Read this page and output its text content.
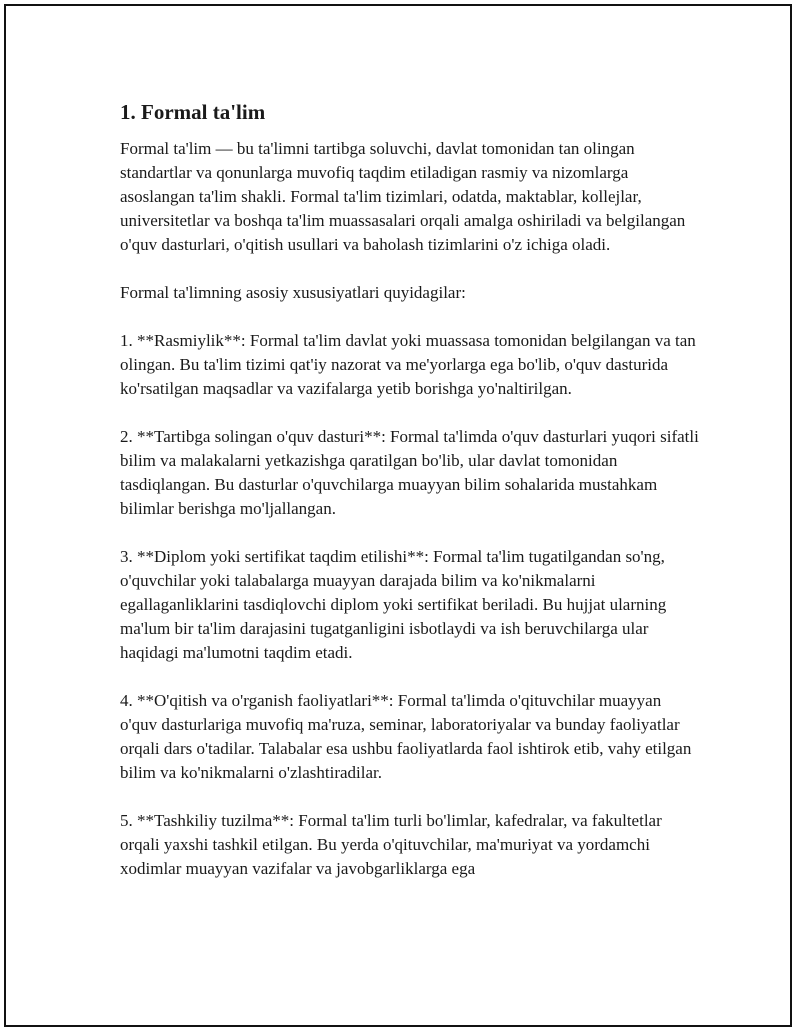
1. Formal ta'lim

Formal ta'lim — bu ta'limni tartibga soluvchi, davlat tomonidan tan olingan standartlar va qonunlarga muvofiq taqdim etiladigan rasmiy va nizomlarga asoslangan ta'lim shakli. Formal ta'lim tizimlari, odatda, maktablar, kollejlar, universitetlar va boshqa ta'lim muassasalari orqali amalga oshiriladi va belgilangan o'quv dasturlari, o'qitish usullari va baholash tizimlarini o'z ichiga oladi.

Formal ta'limning asosiy xususiyatlari quyidagilar:

1. **Rasmiylik**: Formal ta'lim davlat yoki muassasa tomonidan belgilangan va tan olingan. Bu ta'lim tizimi qat'iy nazorat va me'yorlarga ega bo'lib, o'quv dasturida ko'rsatilgan maqsadlar va vazifalarga yetib borishga yo'naltirilgan.

2. **Tartibga solingan o'quv dasturi**: Formal ta'limda o'quv dasturlari yuqori sifatli bilim va malakalarni yetkazishga qaratilgan bo'lib, ular davlat tomonidan tasdiqlangan. Bu dasturlar o'quvchilarga muayyan bilim sohalarida mustahkam bilimlar berishga mo'ljallangan.

3. **Diplom yoki sertifikat taqdim etilishi**: Formal ta'lim tugatilgandan so'ng, o'quvchilar yoki talabalarga muayyan darajada bilim va ko'nikmalarni egallaganliklarini tasdiqlovchi diplom yoki sertifikat beriladi. Bu hujjat ularning ma'lum bir ta'lim darajasini tugatganligini isbotlaydi va ish beruvchilarga ular haqidagi ma'lumotni taqdim etadi.

4. **O'qitish va o'rganish faoliyatlari**: Formal ta'limda o'qituvchilar muayyan o'quv dasturlariga muvofiq ma'ruza, seminar, laboratoriyalar va bunday faoliyatlar orqali dars o'tadilar. Talabalar esa ushbu faoliyatlarda faol ishtirok etib, vahy etilgan bilim va ko'nikmalarni o'zlashtiradilar.

5. **Tashkiliy tuzilma**: Formal ta'lim turli bo'limlar, kafedralar, va fakultetlar orqali yaxshi tashkil etilgan. Bu yerda o'qituvchilar, ma'muriyat va yordamchi xodimlar muayyan vazifalar va javobgarliklarga ega
